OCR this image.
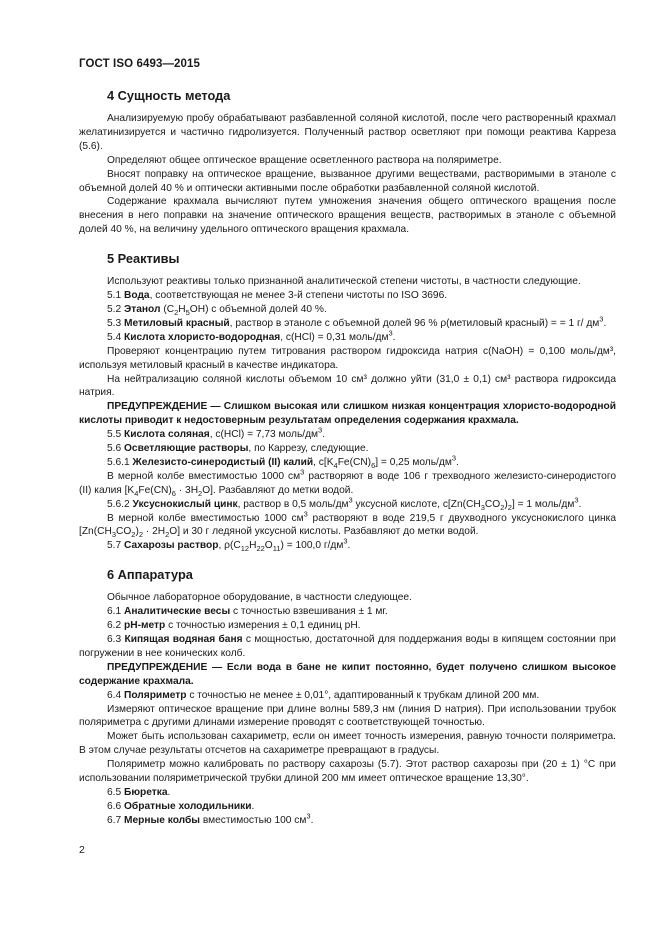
ГОСТ ISO 6493—2015
4 Сущность метода

Анализируемую пробу обрабатывают разбавленной соляной кислотой, после чего растворенный крахмал желатинизируется и частично гидролизуется. Полученный раствор осветляют при помощи реактива Карреза (5.6).

Определяют общее оптическое вращение осветленного раствора на поляриметре.

Вносят поправку на оптическое вращение, вызванное другими веществами, растворимыми в этаноле с объемной долей 40 % и оптически активными после обработки разбавленной соляной кислотой.

Содержание крахмала вычисляют путем умножения значения общего оптического вращения после внесения в него поправки на значение оптического вращения веществ, растворимых в этаноле с объемной долей 40 %, на величину удельного оптического вращения крахмала.

5 Реактивы

Используют реактивы только признанной аналитической степени чистоты, в частности следующие.

5.1 Вода, соответствующая не менее 3-й степени чистоты по ISO 3696.

5.2 Этанол $(C_2H_5OH)$ с объемной долей 40 %.

5.3 Метиловый красный, раствор в этаноле с объемной долей 96 % ρ(метиловый красный) = = 1 г/ $дм^3$.

5.4 Кислота хлористо-водородная, c(HCl) = 0,31 моль/$дм^3$.

Проверяют концентрацию путем титрования раствором гидроксида натрия c(NaOH) = 0,100 моль/дм³, используя метиловый красный в качестве индикатора.

На нейтрализацию соляной кислоты объемом 10 см³ должно уйти (31,0 ± 0,1) см³ раствора гидроксида натрия.

ПРЕДУПРЕЖДЕНИЕ — Слишком высокая или слишком низкая концентрация хлористо-водородной кислоты приводит к недостоверным результатам определения содержания крахмала.

5.5 Кислота соляная, c(HCl) = 7,73 моль/$дм^3$.

5.6 Осветляющие растворы, по Каррезу, следующие.

5.6.1 Железисто-синеродистый (II) калий, $c[K_4Fe(CN)_6] = 0,25$ моль/$дм^3$.

В мерной колбе вместимостью 1000 $см^3$ растворяют в воде 106 г трехводного железисто-синеродистого (II) калия $[K_4Fe(CN)_6 \cdot 3H_2O]$. Разбавляют до метки водой.

5.6.2 Уксуснокислый цинк, раствор в 0,5 моль/$дм^3$ уксусной кислоте, $c[Zn(CH_3CO_2)_2] = 1$ моль/$дм^3$.

В мерной колбе вместимостью 1000 $см^3$ растворяют в воде 219,5 г двухводного уксуснокислого цинка $[Zn(CH_3CO_2)_2 \cdot 2H_2O]$ и 30 г ледяной уксусной кислоты. Разбавляют до метки водой.

5.7 Сахарозы раствор, $\rho(C_{12}H_{22}O_{11}) = 100,0$ $г/дм^3$.

6 Аппаратура

Обычное лабораторное оборудование, в частности следующее.

6.1 Аналитические весы с точностью взвешивания ± 1 мг.

6.2 pH-метр с точностью измерения ± 0,1 единиц pH.

6.3 Кипящая водяная баня с мощностью, достаточной для поддержания воды в кипящем состоянии при погружении в нее конических колб.

ПРЕДУПРЕЖДЕНИЕ — Если вода в бане не кипит постоянно, будет получено слишком высокое содержание крахмала.

6.4 Поляриметр с точностью не менее ± 0,01°, адаптированный к трубкам длиной 200 мм.

Измеряют оптическое вращение при длине волны 589,3 нм (линия D натрия). При использовании трубок поляриметра с другими длинами измерение проводят с соответствующей точностью.

Может быть использован сахариметр, если он имеет точность измерения, равную точности поляриметра. В этом случае результаты отсчетов на сахариметре превращают в градусы.

Поляриметр можно калибровать по раствору сахарозы (5.7). Этот раствор сахарозы при (20 ± 1) °С при использовании поляриметрической трубки длиной 200 мм имеет оптическое вращение 13,30°.

6.5 Бюретка.

6.6 Обратные холодильники.

6.7 Мерные колбы вместимостью 100 $см^3$.

2
